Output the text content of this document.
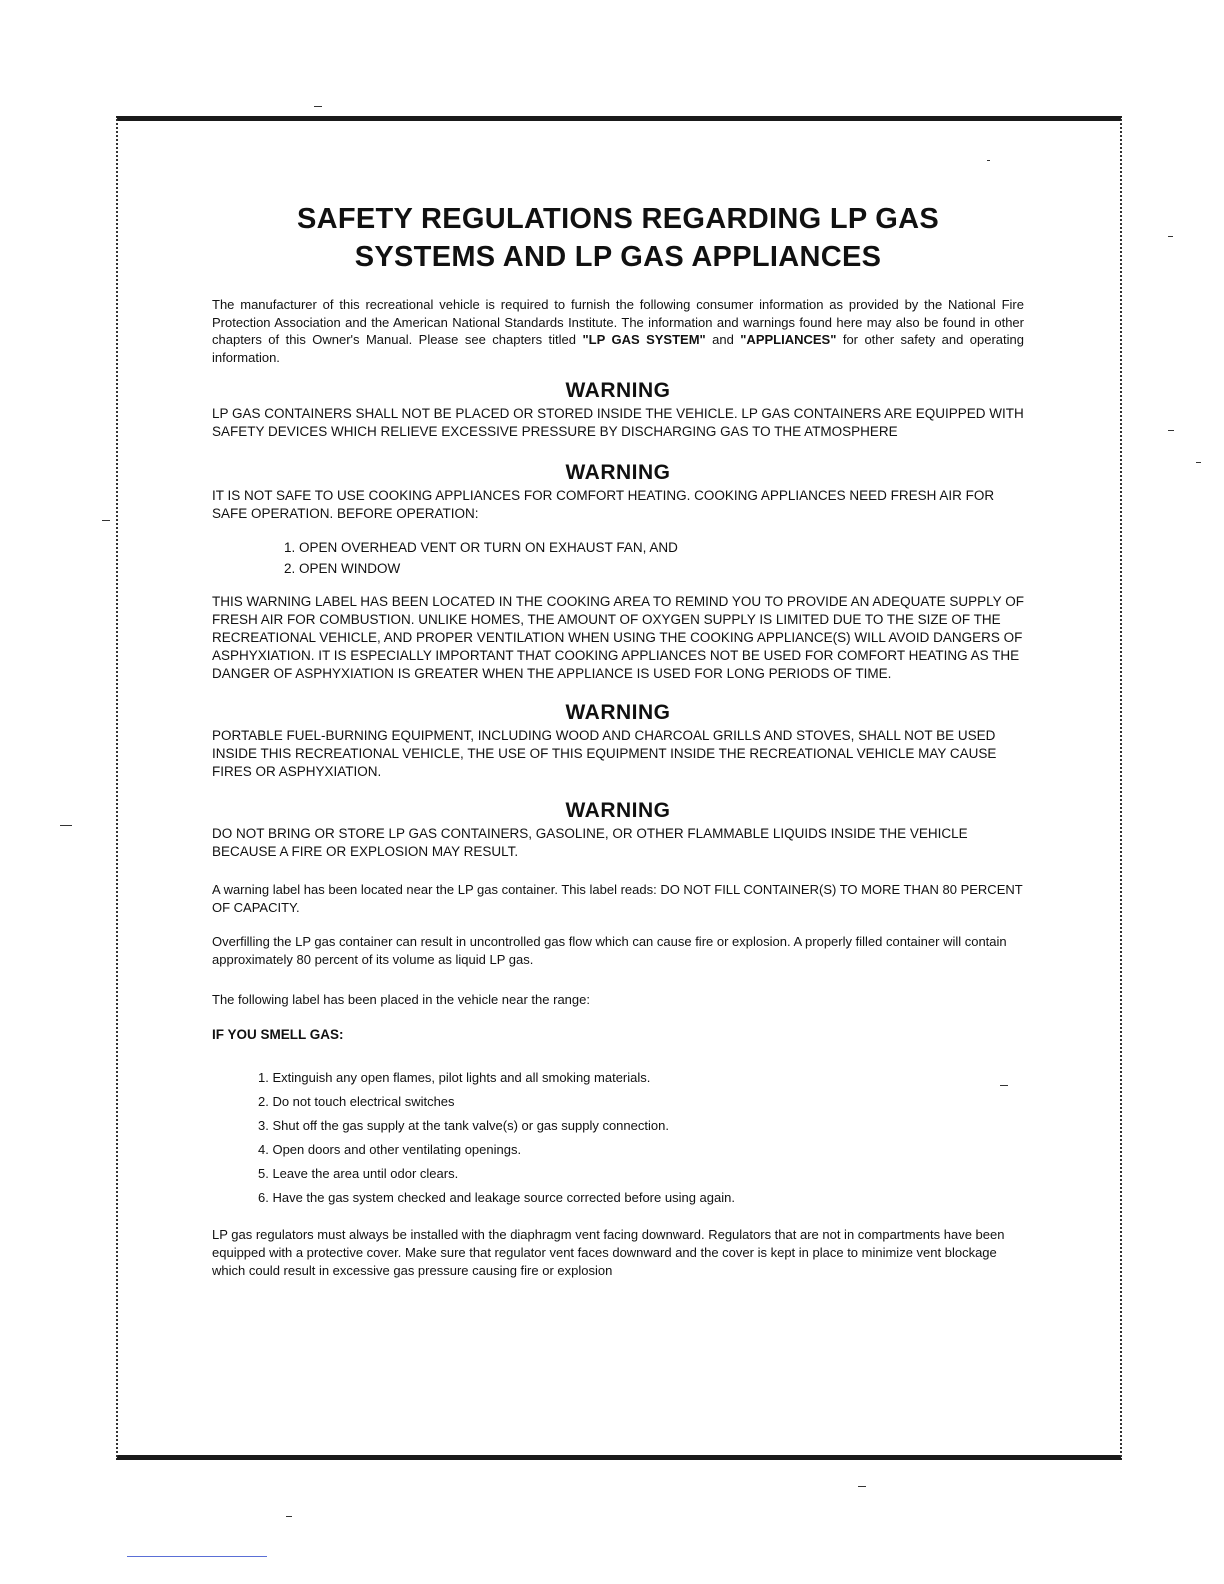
SAFETY REGULATIONS REGARDING LP GAS
SYSTEMS AND LP GAS APPLIANCES

The manufacturer of this recreational vehicle is required to furnish the following consumer information as provided by the National Fire Protection Association and the American National Standards Institute. The information and warnings found here may also be found in other chapters of this Owner's Manual. Please see chapters titled "LP GAS SYSTEM" and "APPLIANCES" for other safety and operating information.

WARNING
LP GAS CONTAINERS SHALL NOT BE PLACED OR STORED INSIDE THE VEHICLE. LP GAS CONTAINERS ARE EQUIPPED WITH SAFETY DEVICES WHICH RELIEVE EXCESSIVE PRESSURE BY DISCHARGING GAS TO THE ATMOSPHERE
WARNING
IT IS NOT SAFE TO USE COOKING APPLIANCES FOR COMFORT HEATING. COOKING APPLIANCES NEED FRESH AIR FOR SAFE OPERATION. BEFORE OPERATION:
1. OPEN OVERHEAD VENT OR TURN ON EXHAUST FAN, AND
2. OPEN WINDOW
THIS WARNING LABEL HAS BEEN LOCATED IN THE COOKING AREA TO REMIND YOU TO PROVIDE AN ADEQUATE SUPPLY OF FRESH AIR FOR COMBUSTION. UNLIKE HOMES, THE AMOUNT OF OXYGEN SUPPLY IS LIMITED DUE TO THE SIZE OF THE RECREATIONAL VEHICLE, AND PROPER VENTILATION WHEN USING THE COOKING APPLIANCE(S) WILL AVOID DANGERS OF ASPHYXIATION. IT IS ESPECIALLY IMPORTANT THAT COOKING APPLIANCES NOT BE USED FOR COMFORT HEATING AS THE DANGER OF ASPHYXIATION IS GREATER WHEN THE APPLIANCE IS USED FOR LONG PERIODS OF TIME.
WARNING
PORTABLE FUEL-BURNING EQUIPMENT, INCLUDING WOOD AND CHARCOAL GRILLS AND STOVES, SHALL NOT BE USED INSIDE THIS RECREATIONAL VEHICLE, THE USE OF THIS EQUIPMENT INSIDE THE RECREATIONAL VEHICLE MAY CAUSE FIRES OR ASPHYXIATION.
WARNING
DO NOT BRING OR STORE LP GAS CONTAINERS, GASOLINE, OR OTHER FLAMMABLE LIQUIDS INSIDE THE VEHICLE BECAUSE A FIRE OR EXPLOSION MAY RESULT.

A warning label has been located near the LP gas container. This label reads: DO NOT FILL CONTAINER(S) TO MORE THAN 80 PERCENT OF CAPACITY.

Overfilling the LP gas container can result in uncontrolled gas flow which can cause fire or explosion. A properly filled container will contain approximately 80 percent of its volume as liquid LP gas.

The following label has been placed in the vehicle near the range:

IF YOU SMELL GAS:

1. Extinguish any open flames, pilot lights and all smoking materials.
2. Do not touch electrical switches
3. Shut off the gas supply at the tank valve(s) or gas supply connection.
4. Open doors and other ventilating openings.
5. Leave the area until odor clears.
6. Have the gas system checked and leakage source corrected before using again.

LP gas regulators must always be installed with the diaphragm vent facing downward. Regulators that are not in compartments have been equipped with a protective cover. Make sure that regulator vent faces downward and the cover is kept in place to minimize vent blockage which could result in excessive gas pressure causing fire or explosion
